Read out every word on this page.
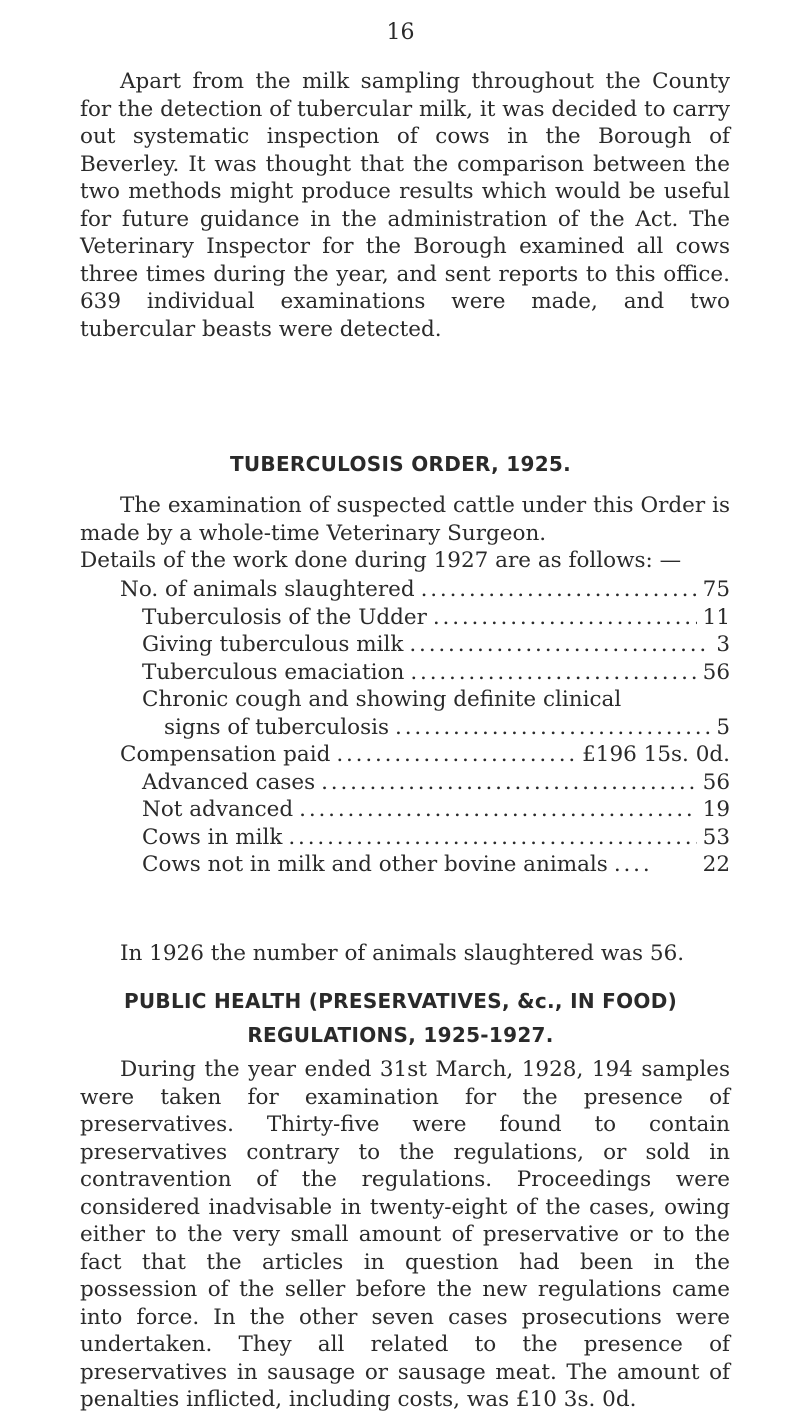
16

Apart from the milk sampling throughout the County for the detection of tubercular milk, it was decided to carry out systematic inspection of cows in the Borough of Beverley. It was thought that the comparison between the two methods might produce results which would be useful for future guidance in the administration of the Act. The Veterinary Inspector for the Borough examined all cows three times during the year, and sent reports to this office. 639 individual examinations were made, and two tubercular beasts were detected.

TUBERCULOSIS ORDER, 1925.

The examination of suspected cattle under this Order is made by a whole-time Veterinary Surgeon.
Details of the work done during 1927 are as follows: —

No. of animals slaughtered . . .	75
Tuberculosis of the Udder . . .	11
Giving tuberculous milk . . .	3
Tuberculous emaciation . . .	56
Chronic cough and showing definite clinical
signs of tuberculosis . . .	5
Compensation paid . . .	£196 15s. 0d.
Advanced cases . . .	56
Not advanced . . .	19
Cows in milk . . .	53
Cows not in milk and other bovine animals . . .	22

In 1926 the number of animals slaughtered was 56.

PUBLIC HEALTH (PRESERVATIVES, &c., IN FOOD)
REGULATIONS, 1925-1927.

During the year ended 31st March, 1928, 194 samples were taken for examination for the presence of preservatives. Thirty-five were found to contain preservatives contrary to the regulations, or sold in contravention of the regulations. Proceedings were considered inadvisable in twenty-eight of the cases, owing either to the very small amount of preservative or to the fact that the articles in question had been in the possession of the seller before the new regulations came into force. In the other seven cases prosecutions were undertaken. They all related to the presence of preservatives in sausage or sausage meat. The amount of penalties inflicted, including costs, was £10 3s. 0d.
